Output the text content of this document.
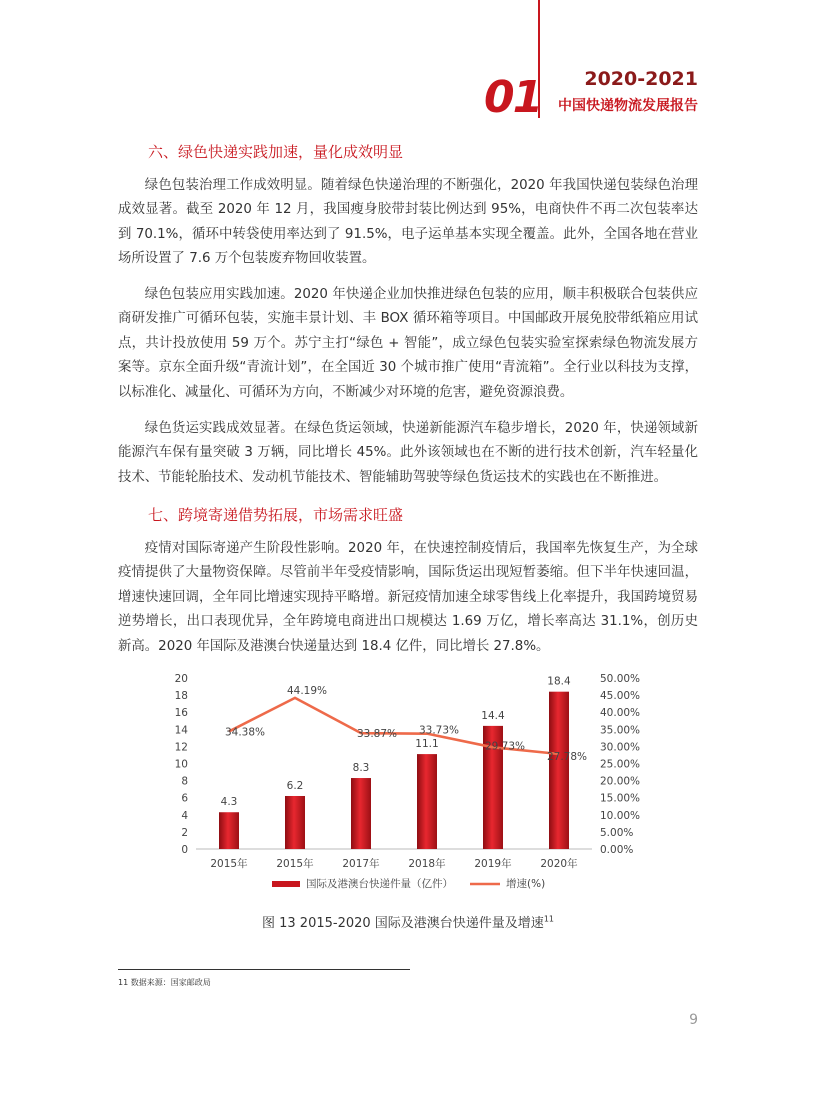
01 2020-2021
中国快递物流发展报告
六、绿色快递实践加速，量化成效明显

绿色包装治理工作成效明显。随着绿色快递治理的不断强化，2020 年我国快递包装绿色治理成效显著。截至 2020 年 12 月，我国瘦身胶带封装比例达到 95%，电商快件不再二次包装率达到 70.1%，循环中转袋使用率达到了 91.5%，电子运单基本实现全覆盖。此外，全国各地在营业场所设置了 7.6 万个包装废弃物回收装置。

绿色包装应用实践加速。2020 年快递企业加快推进绿色包装的应用，顺丰积极联合包装供应商研发推广可循环包装，实施丰景计划、丰 BOX 循环箱等项目。中国邮政开展免胶带纸箱应用试点，共计投放使用 59 万个。苏宁主打“绿色 + 智能”，成立绿色包装实验室探索绿色物流发展方案等。京东全面升级“青流计划”，在全国近 30 个城市推广使用“青流箱”。全行业以科技为支撑，以标准化、减量化、可循环为方向，不断减少对环境的危害，避免资源浪费。

绿色货运实践成效显著。在绿色货运领域，快递新能源汽车稳步增长，2020 年，快递领域新能源汽车保有量突破 3 万辆，同比增长 45%。此外该领域也在不断的进行技术创新，汽车轻量化技术、节能轮胎技术、发动机节能技术、智能辅助驾驶等绿色货运技术的实践也在不断推进。

七、跨境寄递借势拓展，市场需求旺盛

疫情对国际寄递产生阶段性影响。2020 年，在快速控制疫情后，我国率先恢复生产，为全球疫情提供了大量物资保障。尽管前半年受疫情影响，国际货运出现短暂萎缩。但下半年快速回温，增速快速回调，全年同比增速实现持平略增。新冠疫情加速全球零售线上化率提升，我国跨境贸易逆势增长，出口表现优异，全年跨境电商进出口规模达 1.69 万亿，增长率高达 31.1%，创历史新高。2020 年国际及港澳台快递量达到 18.4 亿件，同比增长 27.8%。

0
2
4
6
8
10
12
14
16
18
20
0.00%
5.00%
10.00%
15.00%
20.00%
25.00%
30.00%
35.00%
40.00%
45.00%
50.00%
2015年	2015年	2017年	2018年	2019年	2020年
4.3
6.2
8.3
11.1
14.4
18.4
34.38%
44.19%
33.87% 33.73%
29.73%
27.78%
国际及港澳台快递件量（亿件）	增速(%)
图 13 2015-2020 国际及港澳台快递件量及增速$^{11}$
11 数据来源：国家邮政局
9
